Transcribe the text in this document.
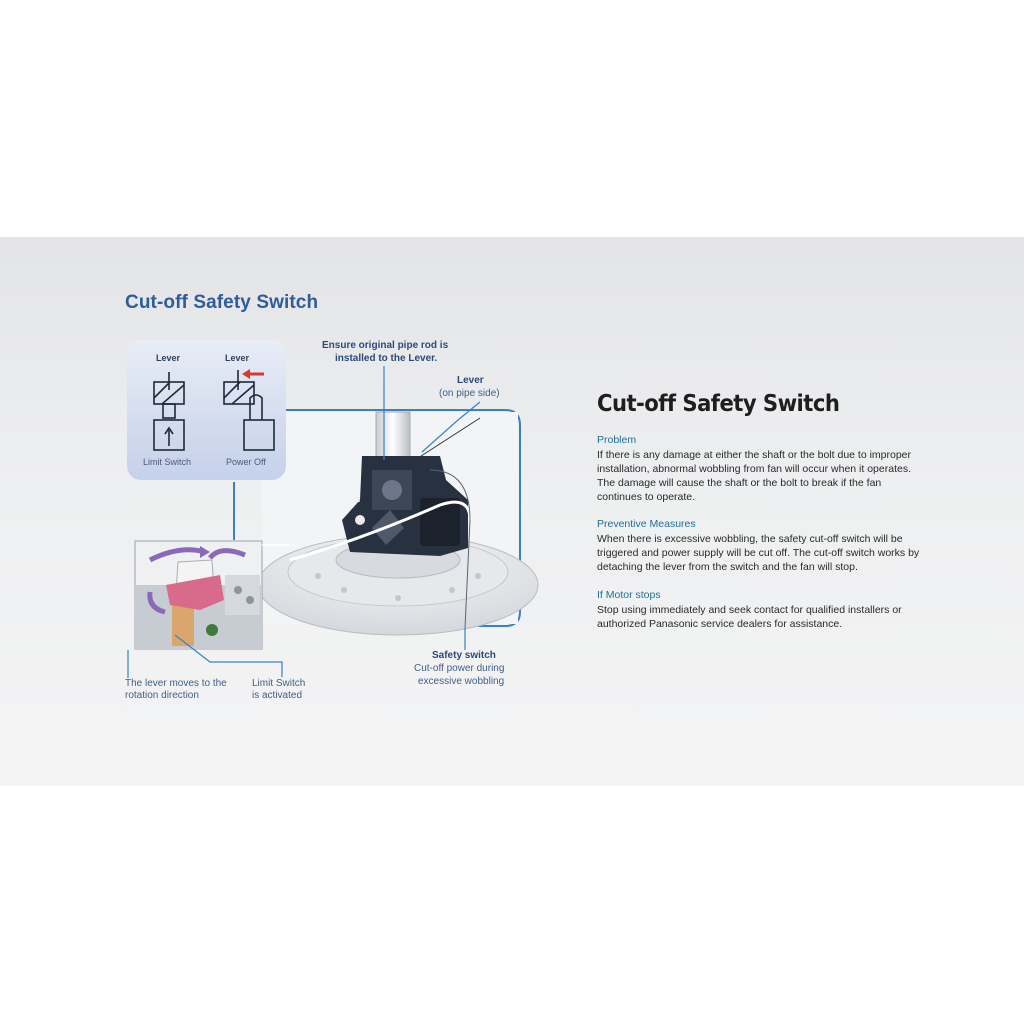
Cut-off Safety Switch
Lever	Lever
Limit Switch	Power Off
Ensure original pipe rod is
installed to the Lever.
Lever
(on pipe side)
Safety switch
Cut-off power during
excessive wobbling
The lever moves to the
rotation direction
Limit Switch
is activated
Cut-off Safety Switch
Problem
If there is any damage at either the shaft or the bolt due to improper installation, abnormal wobbling from fan will occur when it operates. The damage will cause the shaft or the bolt to break if the fan continues to operate.
Preventive Measures
When there is excessive wobbling, the safety cut-off switch will be triggered and power supply will be cut off. The cut-off switch works by detaching the lever from the switch and the fan will stop.
If Motor stops
Stop using immediately and seek contact for qualified installers or authorized Panasonic service dealers for assistance.
